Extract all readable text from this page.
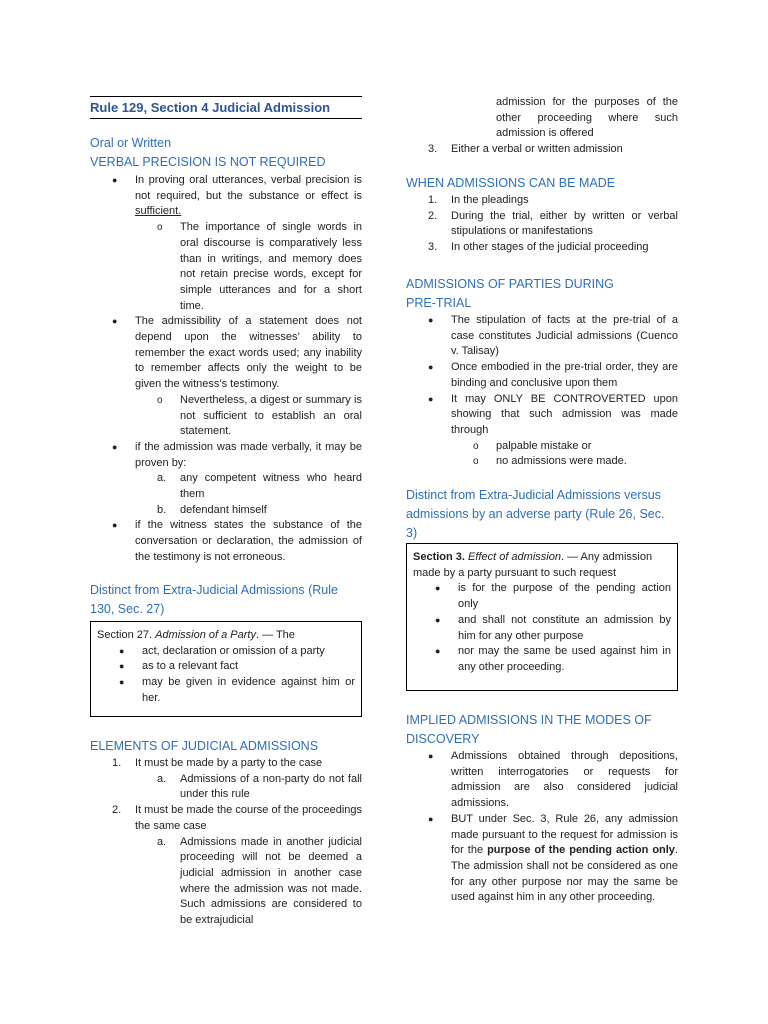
Rule 129, Section 4 Judicial Admission
Oral or Written
VERBAL PRECISION IS NOT REQUIRED
● In proving oral utterances, verbal precision is not required, but the substance or effect is sufficient.
o The importance of single words in oral discourse is comparatively less than in writings, and memory does not retain precise words, except for simple utterances and for a short time.
● The admissibility of a statement does not depend upon the witnesses’ ability to remember the exact words used; any inability to remember affects only the weight to be given the witness’s testimony.
o Nevertheless, a digest or summary is not sufficient to establish an oral statement.
● if the admission was made verbally, it may be proven by:
a. any competent witness who heard them
b. defendant himself
● if the witness states the substance of the conversation or declaration, the admission of the testimony is not erroneous.
Distinct from Extra-Judicial Admissions (Rule 130, Sec. 27)
Section 27. Admission of a Party. — The
● act, declaration or omission of a party
● as to a relevant fact
● may be given in evidence against him or her.
ELEMENTS OF JUDICIAL ADMISSIONS
1. It must be made by a party to the case
a. Admissions of a non-party do not fall under this rule
2. It must be made the course of the proceedings the same case
a. Admissions made in another judicial proceeding will not be deemed a judicial admission in another case where the admission was not made. Such admissions are considered to be extrajudicial
admission for the purposes of the other proceeding where such admission is offered
3. Either a verbal or written admission
WHEN ADMISSIONS CAN BE MADE
1. In the pleadings
2. During the trial, either by written or verbal stipulations or manifestations
3. In other stages of the judicial proceeding
ADMISSIONS OF PARTIES DURING PRE-TRIAL
● The stipulation of facts at the pre-trial of a case constitutes Judicial admissions (Cuenco v. Talisay)
● Once embodied in the pre-trial order, they are binding and conclusive upon them
● It may ONLY BE CONTROVERTED upon showing that such admission was made through
o palpable mistake or
o no admissions were made.
Distinct from Extra-Judicial Admissions versus admissions by an adverse party (Rule 26, Sec. 3)
Section 3. Effect of admission. — Any admission made by a party pursuant to such request
● is for the purpose of the pending action only
● and shall not constitute an admission by him for any other purpose
● nor may the same be used against him in any other proceeding.
IMPLIED ADMISSIONS IN THE MODES OF DISCOVERY
● Admissions obtained through depositions, written interrogatories or requests for admission are also considered judicial admissions.
● BUT under Sec. 3, Rule 26, any admission made pursuant to the request for admission is for the purpose of the pending action only. The admission shall not be considered as one for any other purpose nor may the same be used against him in any other proceeding.
